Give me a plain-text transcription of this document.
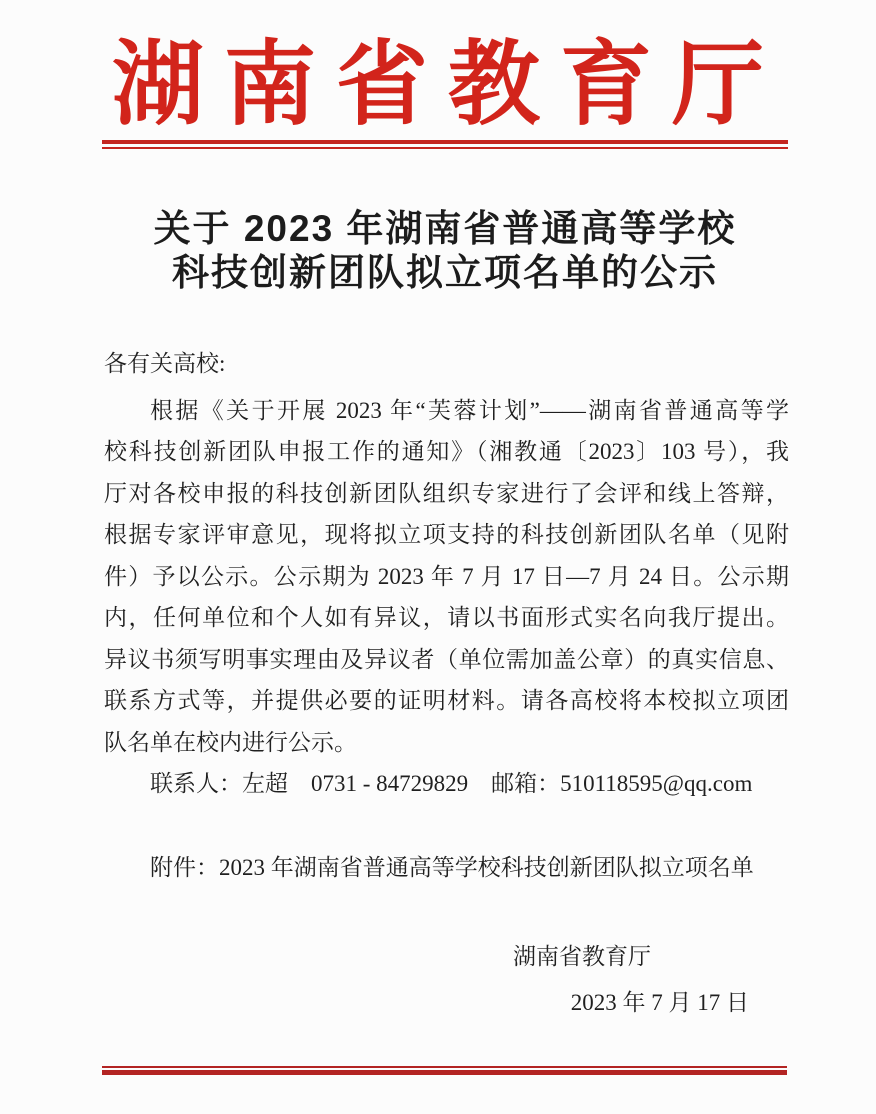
湖南省教育厅
关于 2023 年湖南省普通高等学校
科技创新团队拟立项名单的公示
各有关高校:
根据《关于开展 2023 年“芙蓉计划”——湖南省普通高等学
校科技创新团队申报工作的通知》（湘教通〔2023〕103 号），我
厅对各校申报的科技创新团队组织专家进行了会评和线上答辩，
根据专家评审意见，现将拟立项支持的科技创新团队名单（见附
件）予以公示。公示期为 2023 年 7 月 17 日—7 月 24 日。公示期
内，任何单位和个人如有异议，请以书面形式实名向我厅提出。
异议书须写明事实理由及异议者（单位需加盖公章）的真实信息、
联系方式等，并提供必要的证明材料。请各高校将本校拟立项团
队名单在校内进行公示。
联系人：左超　0731 - 84729829　邮箱：510118595@qq.com
附件：2023 年湖南省普通高等学校科技创新团队拟立项名单
湖南省教育厅
2023 年 7 月 17 日
